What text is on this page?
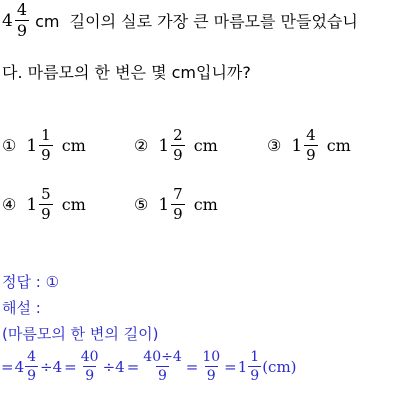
$4 \frac{4}{9}$ cm  길이의 실로 가장 큰 마름모를 만들었습니
다. 마름모의 한 변은 몇 cm입니까?
① $1 \frac{1}{9}$ cm	② $1 \frac{2}{9}$ cm	③ $1 \frac{4}{9}$ cm
④ $1 \frac{5}{9}$ cm	⑤ $1 \frac{7}{9}$ cm
정답 : ①
해설 :
(마름모의 한 변의 길이)
= $4 \frac{4}{9} \div 4 = \frac{40}{9} \div 4 = \frac{40\div 4}{9} = \frac{10}{9} = 1 \frac{1}{9} (cm)$
